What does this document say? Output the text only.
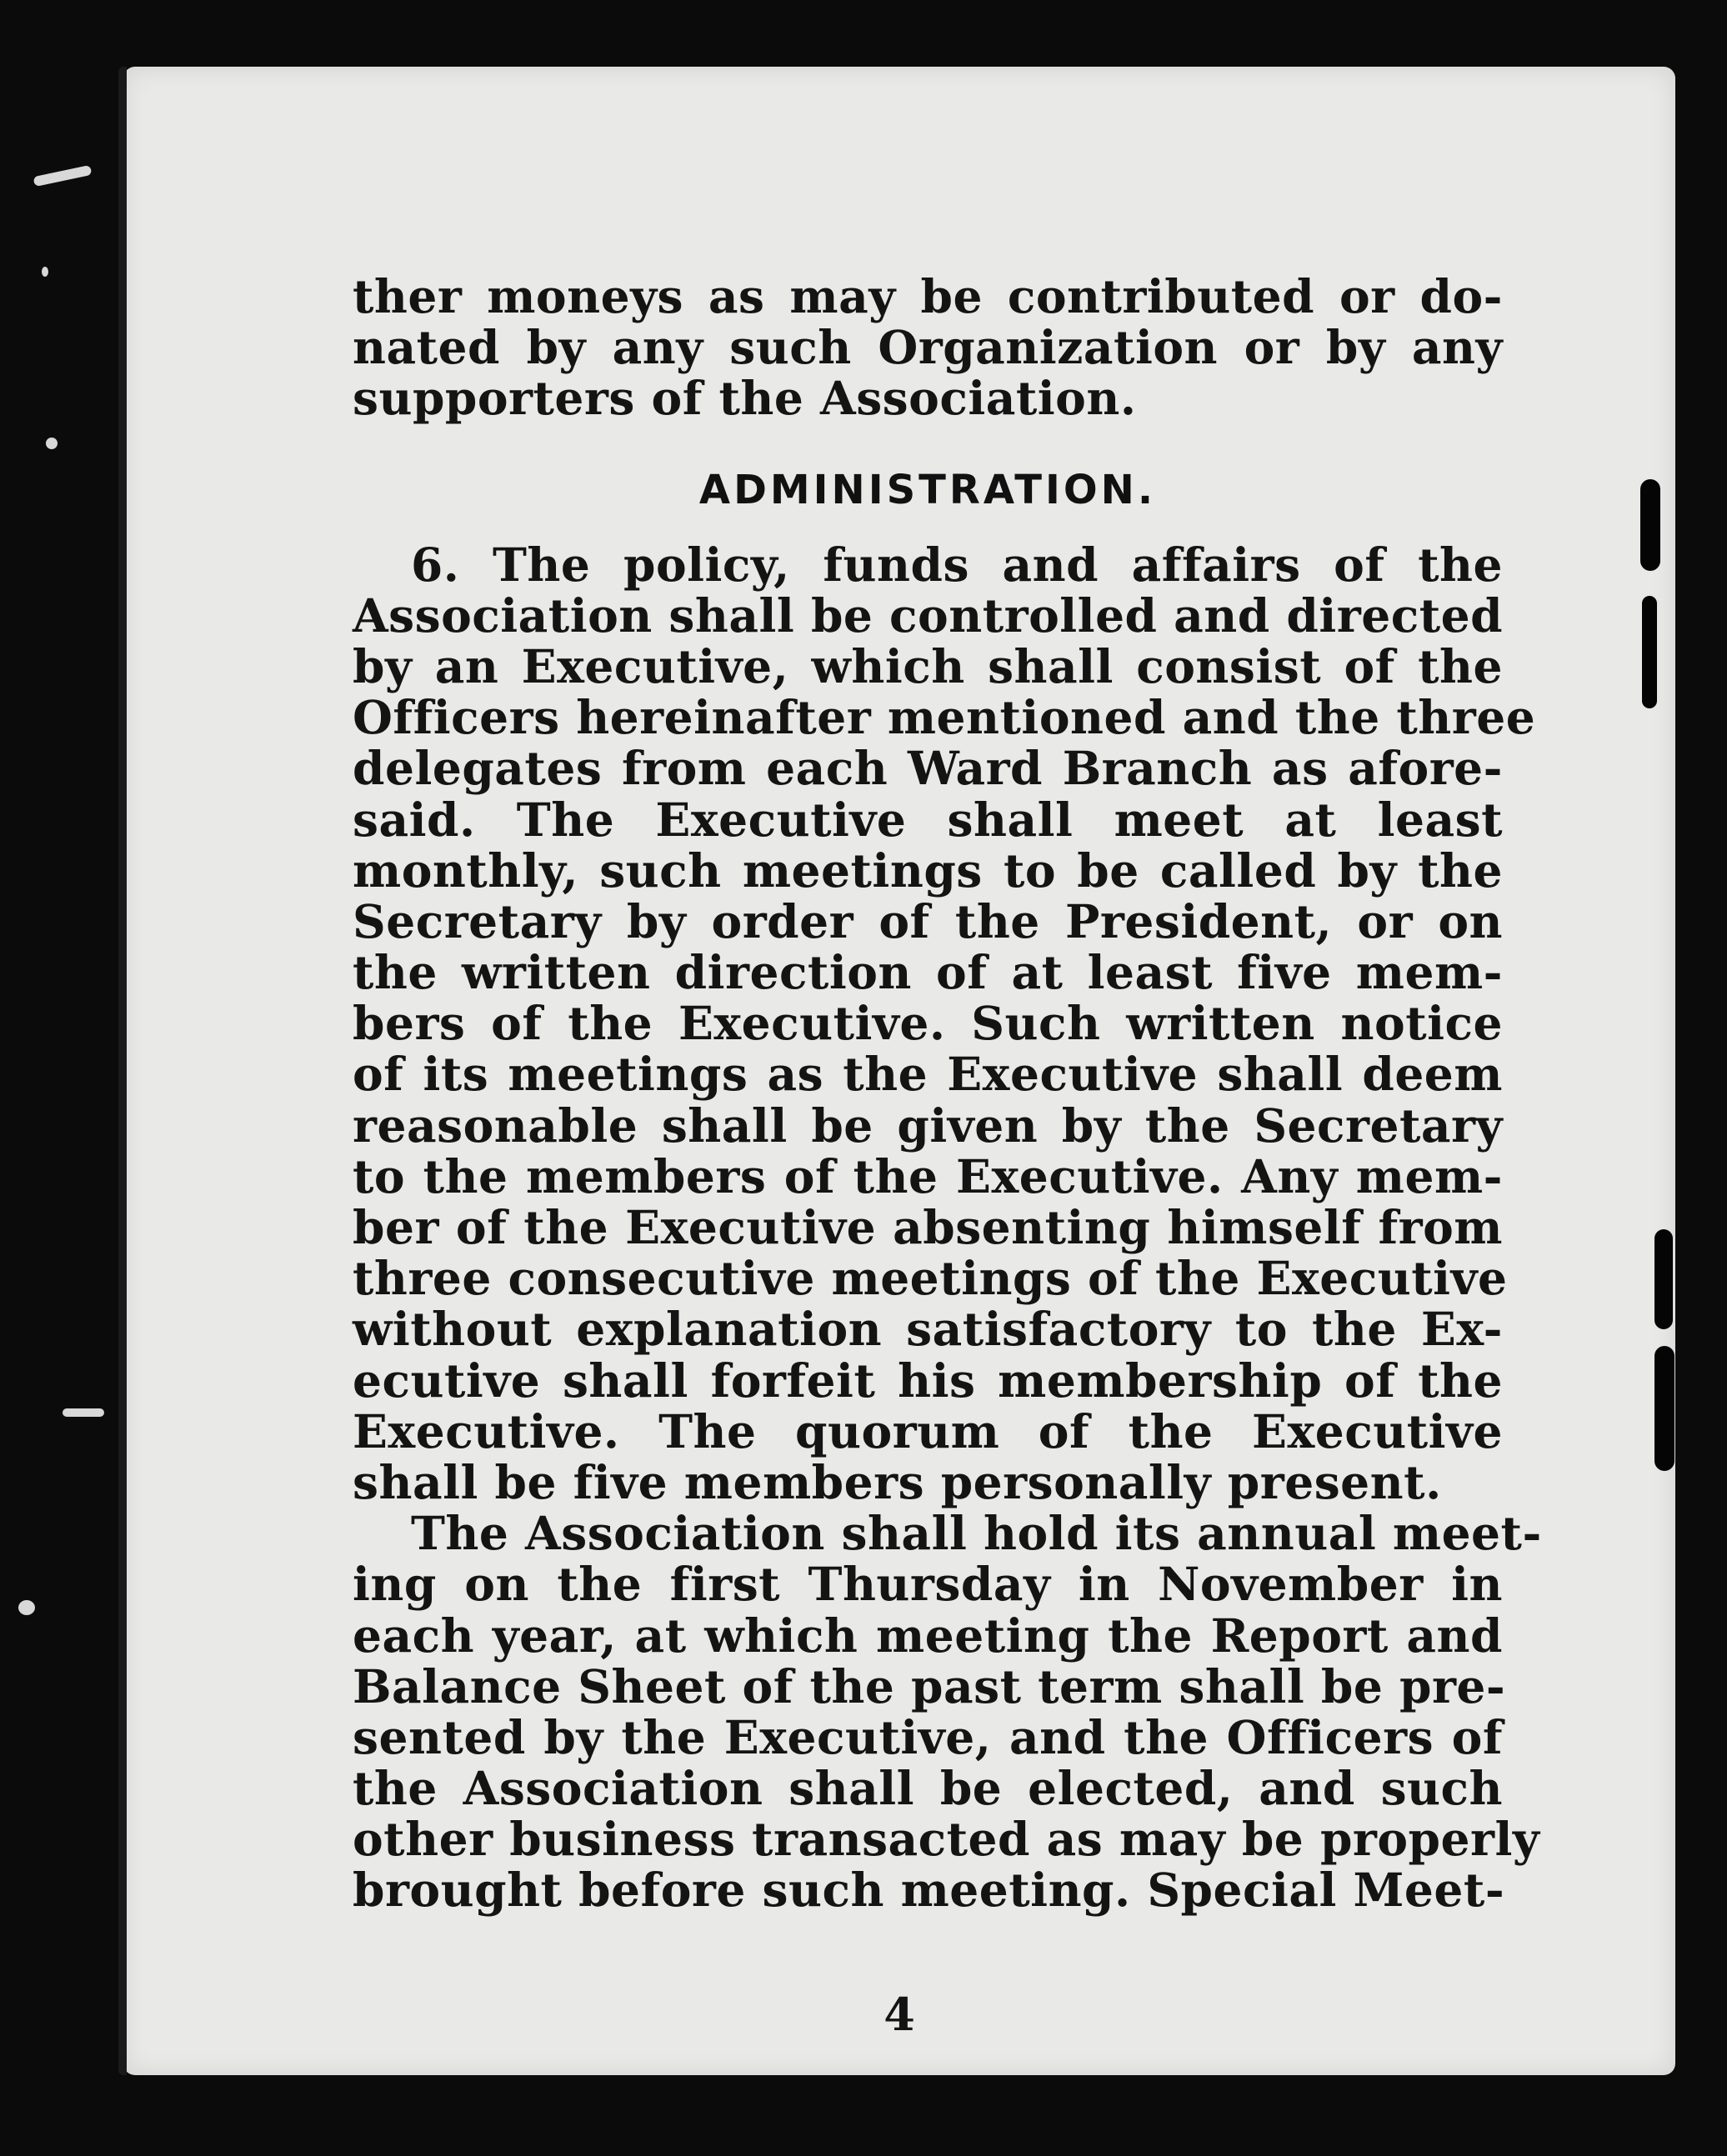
ther moneys as may be contributed or do-
nated by any such Organization or by any
supporters of the Association.
ADMINISTRATION.
6. The policy, funds and affairs of the
Association shall be controlled and directed
by an Executive, which shall consist of the
Officers hereinafter mentioned and the three
delegates from each Ward Branch as afore-
said. The Executive shall meet at least
monthly, such meetings to be called by the
Secretary by order of the President, or on
the written direction of at least five mem-
bers of the Executive. Such written notice
of its meetings as the Executive shall deem
reasonable shall be given by the Secretary
to the members of the Executive. Any mem-
ber of the Executive absenting himself from
three consecutive meetings of the Executive
without explanation satisfactory to the Ex-
ecutive shall forfeit his membership of the
Executive. The quorum of the Executive
shall be five members personally present.
The Association shall hold its annual meet-
ing on the first Thursday in November in
each year, at which meeting the Report and
Balance Sheet of the past term shall be pre-
sented by the Executive, and the Officers of
the Association shall be elected, and such
other business transacted as may be properly
brought before such meeting. Special Meet-
4
